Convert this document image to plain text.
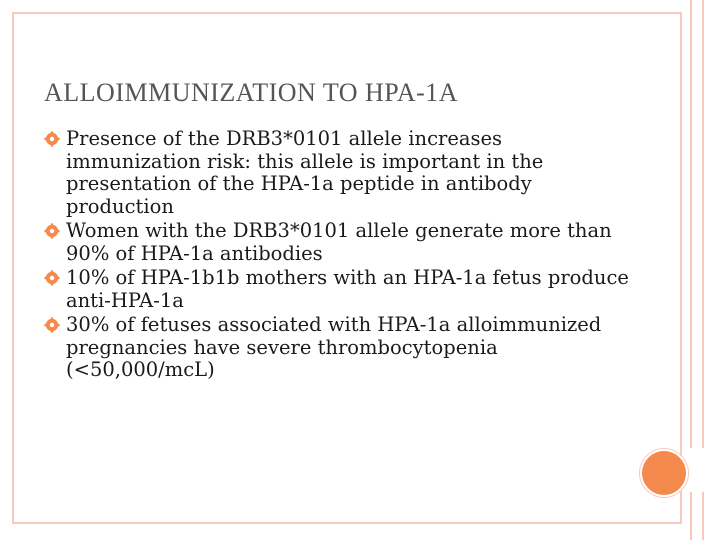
ALLOIMMUNIZATION TO HPA-1A
Presence of the DRB3*0101 allele increases immunization risk: this allele is important in the presentation of the HPA-1a peptide in antibody production
Women with the DRB3*0101 allele generate more than 90% of HPA-1a antibodies
10% of HPA-1b1b mothers with an HPA-1a fetus produce anti-HPA-1a
30% of fetuses associated with HPA-1a alloimmunized pregnancies have severe thrombocytopenia (<50,000/mcL)
